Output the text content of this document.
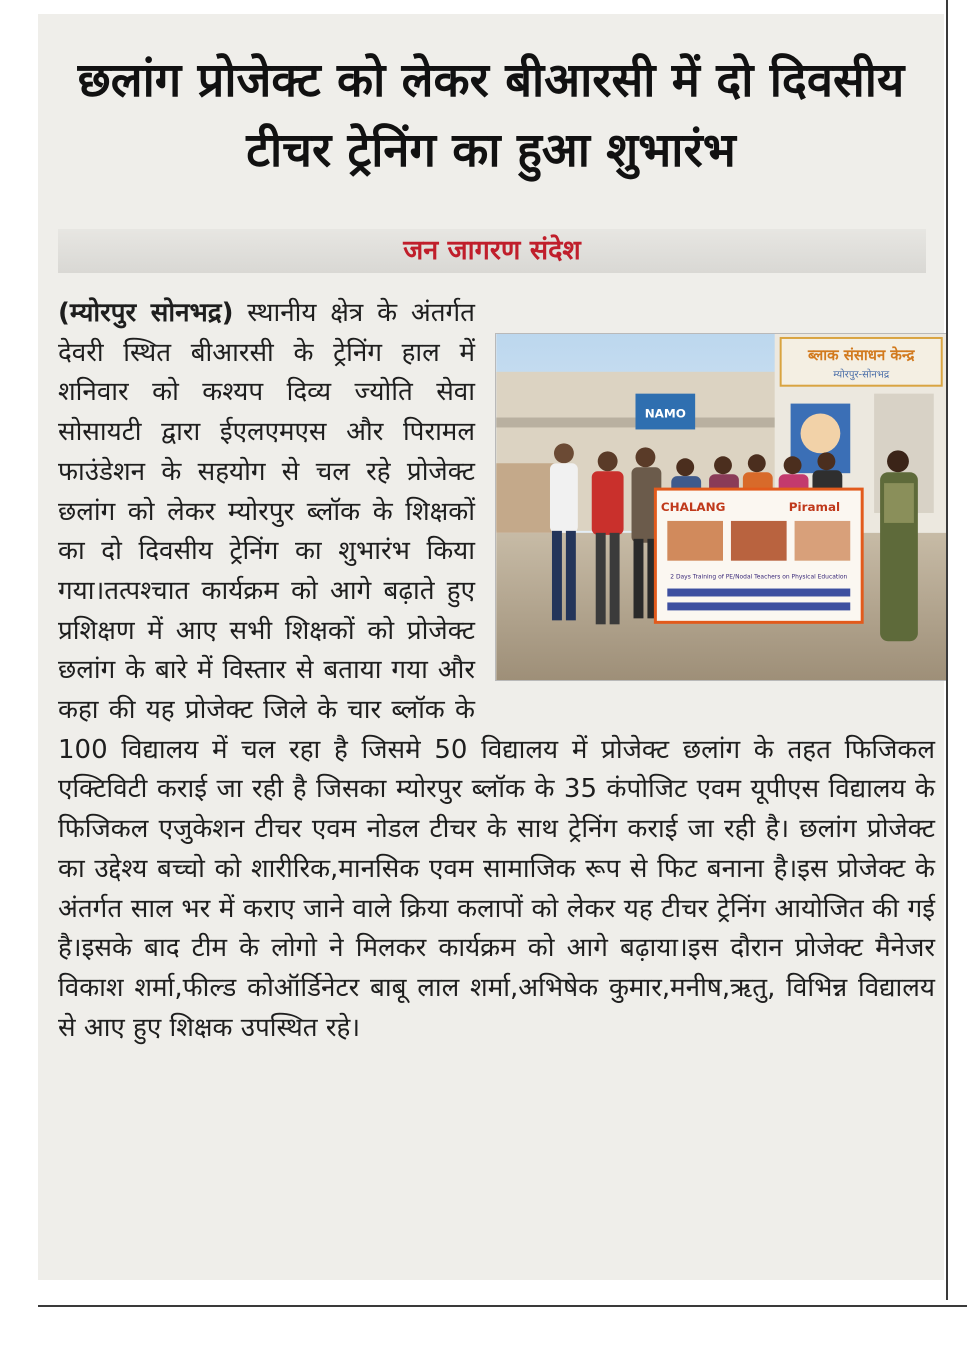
छलांग प्रोजेक्ट को लेकर बीआरसी में दो दिवसीय टीचर ट्रेनिंग का हुआ शुभारंभ

जन जागरण संदेश

NAMO
ब्लाक संसाधन केन्द्र
म्योरपुर-सोनभद्र
CHALANG	Piramal
2 Days Training of PE/Nodal Teachers on Physical Education
(म्योरपुर सोनभद्र) स्थानीय क्षेत्र के अंतर्गत देवरी स्थित बीआरसी के ट्रेनिंग हाल में शनिवार को कश्यप दिव्य ज्योति सेवा सोसायटी द्वारा ईएलएमएस और पिरामल फाउंडेशन के सहयोग से चल रहे प्रोजेक्ट छलांग को लेकर म्योरपुर ब्लॉक के शिक्षकों का दो दिवसीय ट्रेनिंग का शुभारंभ किया गया।तत्पश्चात कार्यक्रम को आगे बढ़ाते हुए प्रशिक्षण में आए सभी शिक्षकों को प्रोजेक्ट छलांग के बारे में विस्तार से बताया गया और कहा की यह प्रोजेक्ट जिले के चार ब्लॉक के 100 विद्यालय में चल रहा है जिसमे 50 विद्यालय में प्रोजेक्ट छलांग के तहत फिजिकल एक्टिविटी कराई जा रही है जिसका म्योरपुर ब्लॉक के 35 कंपोजिट एवम यूपीएस विद्यालय के फिजिकल एजुकेशन टीचर एवम नोडल टीचर के साथ ट्रेनिंग कराई जा रही है। छलांग प्रोजेक्ट का उद्देश्य बच्चो को शारीरिक,मानसिक एवम सामाजिक रूप से फिट बनाना है।इस प्रोजेक्ट के अंतर्गत साल भर में कराए जाने वाले क्रिया कलापों को लेकर यह टीचर ट्रेनिंग आयोजित की गई है।इसके बाद टीम के लोगो ने मिलकर कार्यक्रम को आगे बढ़ाया।इस दौरान प्रोजेक्ट मैनेजर विकाश शर्मा,फील्ड कोऑर्डिनेटर बाबू लाल शर्मा,अभिषेक कुमार,मनीष,ऋतु, विभिन्न विद्यालय से आए हुए शिक्षक उपस्थित रहे।
